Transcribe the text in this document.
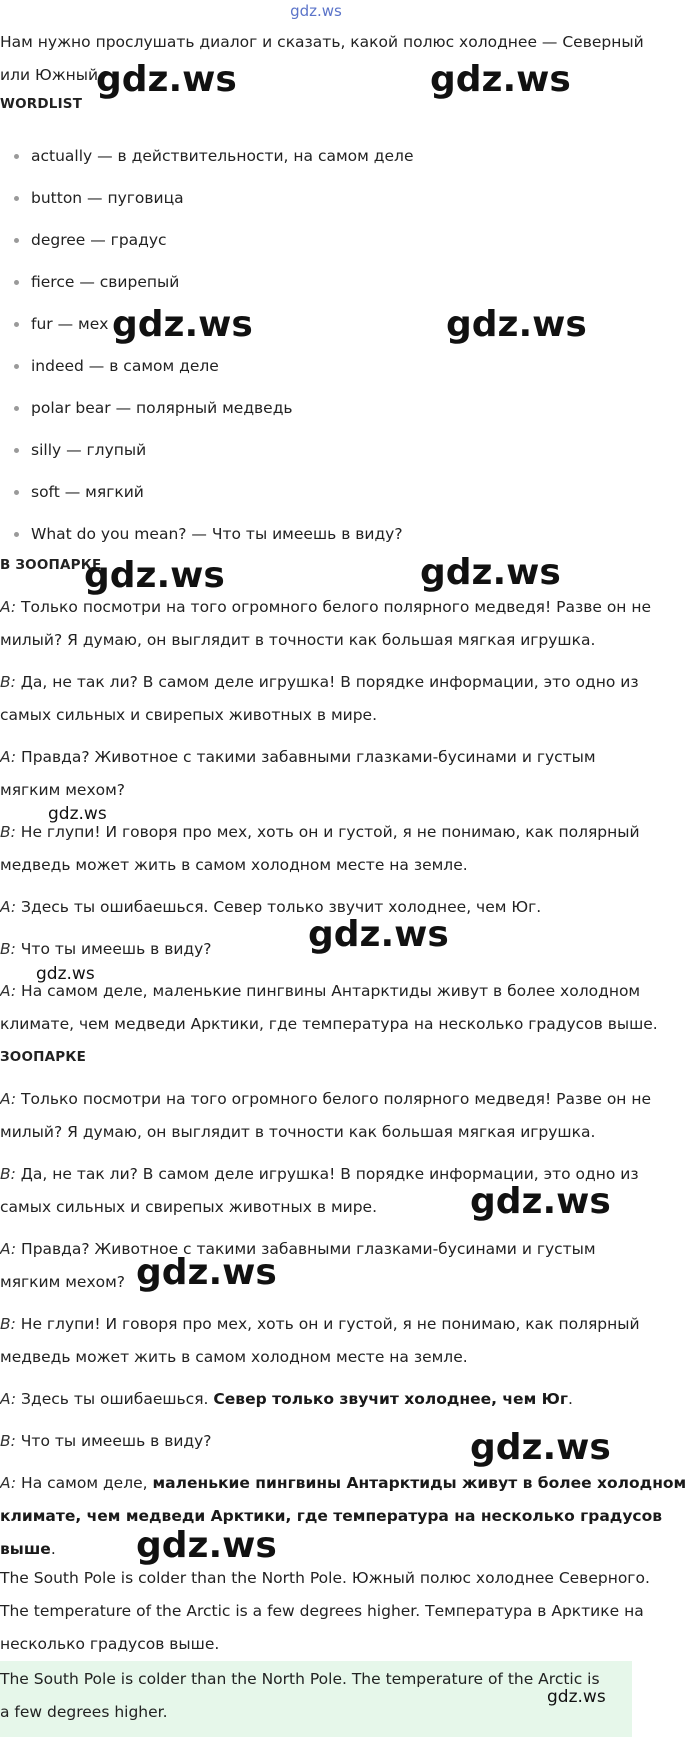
gdz.ws
Нам нужно прослушать диалог и сказать, какой полюс холоднее — Северный
или Южный.
WORDLIST
actually — в действительности, на самом деле
button — пуговица
degree — градус
fierce — свирепый
fur — мех
indeed — в самом деле
polar bear — полярный медведь
silly — глупый
soft — мягкий
What do you mean? — Что ты имеешь в виду?
В ЗООПАРКЕ
A: Только посмотри на того огромного белого полярного медведя! Разве он не
милый? Я думаю, он выглядит в точности как большая мягкая игрушка.
B: Да, не так ли? В самом деле игрушка! В порядке информации, это одно из
самых сильных и свирепых животных в мире.
A: Правда? Животное с такими забавными глазками-бусинами и густым
мягким мехом?
B: Не глупи! И говоря про мех, хоть он и густой, я не понимаю, как полярный
медведь может жить в самом холодном месте на земле.
A: Здесь ты ошибаешься. Север только звучит холоднее, чем Юг.
B: Что ты имеешь в виду?
A: На самом деле, маленькие пингвины Антарктиды живут в более холодном
климате, чем медведи Арктики, где температура на несколько градусов выше.
ЗООПАРКЕ
A: Только посмотри на того огромного белого полярного медведя! Разве он не
милый? Я думаю, он выглядит в точности как большая мягкая игрушка.
B: Да, не так ли? В самом деле игрушка! В порядке информации, это одно из
самых сильных и свирепых животных в мире.
A: Правда? Животное с такими забавными глазками-бусинами и густым
мягким мехом?
B: Не глупи! И говоря про мех, хоть он и густой, я не понимаю, как полярный
медведь может жить в самом холодном месте на земле.
A: Здесь ты ошибаешься. Север только звучит холоднее, чем Юг.
B: Что ты имеешь в виду?
A: На самом деле, маленькие пингвины Антарктиды живут в более холодном
климате, чем медведи Арктики, где температура на несколько градусов
выше.
The South Pole is colder than the North Pole. Южный полюс холоднее Северного.
The temperature of the Arctic is a few degrees higher. Температура в Арктике на
несколько градусов выше.
The South Pole is colder than the North Pole. The temperature of the Arctic is
a few degrees higher.
gdz.ws	gdz.ws
gdz.ws	gdz.ws
gdz.ws	gdz.ws
gdz.ws
gdz.ws
gdz.ws
gdz.ws
gdz.ws
gdz.ws
gdz.ws
gdz.ws
